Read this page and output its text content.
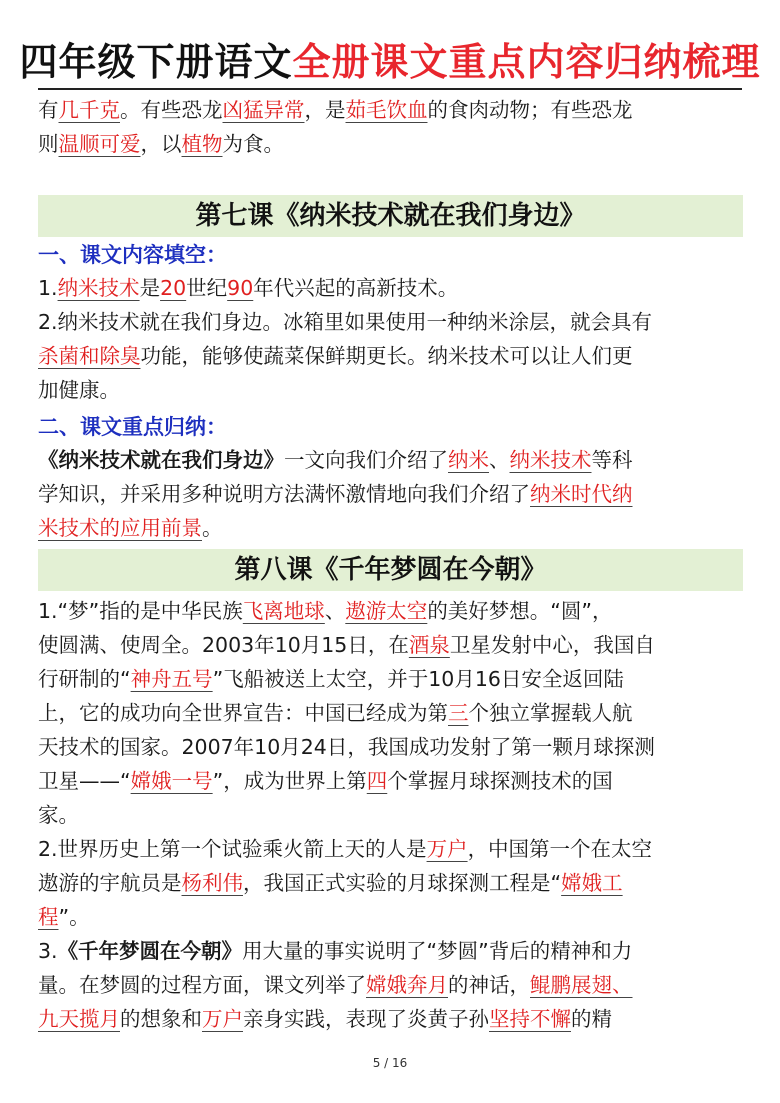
四年级下册语文全册课文重点内容归纳梳理
有几千克。有些恐龙凶猛异常，是茹毛饮血的食肉动物；有些恐龙
则温顺可爱，以植物为食。
第七课《纳米技术就在我们身边》
一、课文内容填空：
1.纳米技术是20世纪90年代兴起的高新技术。
2.纳米技术就在我们身边。冰箱里如果使用一种纳米涂层，就会具有
杀菌和除臭功能，能够使蔬菜保鲜期更长。纳米技术可以让人们更
加健康。
二、课文重点归纳：
《纳米技术就在我们身边》一文向我们介绍了纳米、纳米技术等科
学知识，并采用多种说明方法满怀激情地向我们介绍了纳米时代纳
米技术的应用前景。
第八课《千年梦圆在今朝》
1.“梦”指的是中华民族飞离地球、遨游太空的美好梦想。“圆”，
使圆满、使周全。2003年10月15日，在酒泉卫星发射中心，我国自
行研制的“神舟五号”飞船被送上太空，并于10月16日安全返回陆
上，它的成功向全世界宣告：中国已经成为第三个独立掌握载人航
天技术的国家。2007年10月24日，我国成功发射了第一颗月球探测
卫星——“嫦娥一号”，成为世界上第四个掌握月球探测技术的国
家。
2.世界历史上第一个试验乘火箭上天的人是万户，中国第一个在太空
遨游的宇航员是杨利伟，我国正式实验的月球探测工程是“嫦娥工
程”。
3.《千年梦圆在今朝》用大量的事实说明了“梦圆”背后的精神和力
量。在梦圆的过程方面，课文列举了嫦娥奔月的神话，鲲鹏展翅、
九天揽月的想象和万户亲身实践，表现了炎黄子孙坚持不懈的精
5 / 16
